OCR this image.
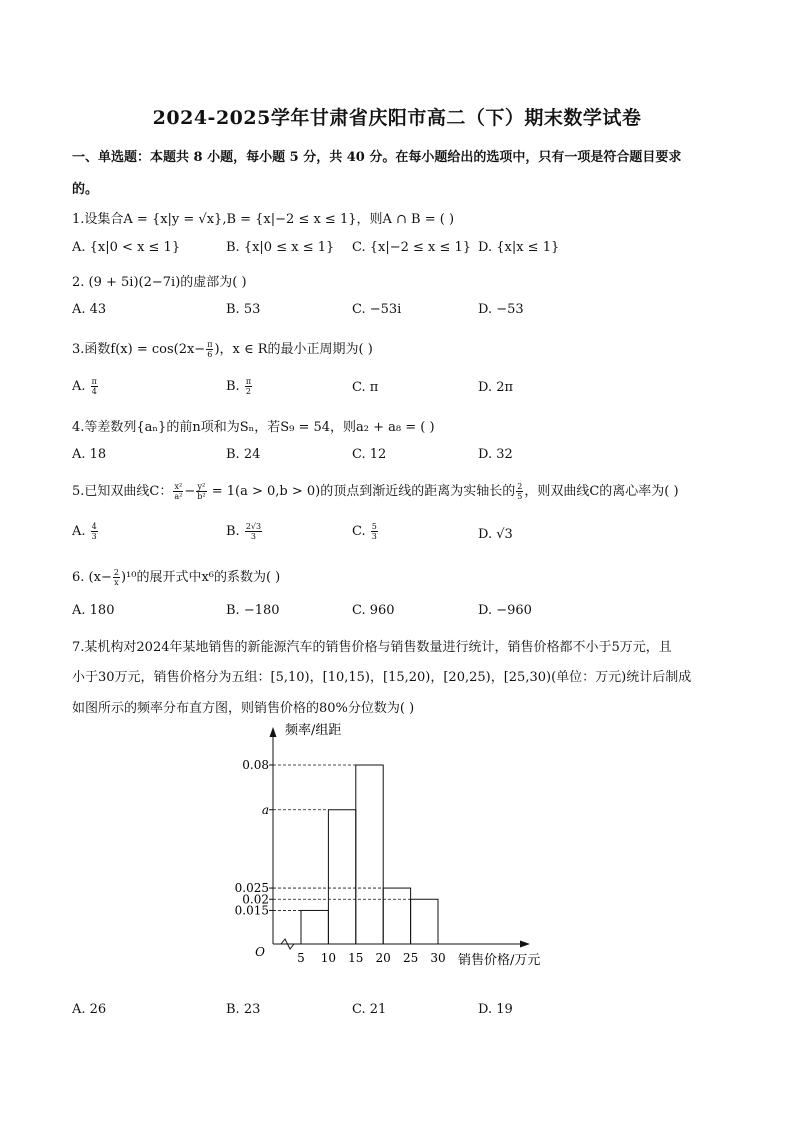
2024-2025学年甘肃省庆阳市高二（下）期末数学试卷
一、单选题：本题共 8 小题，每小题 5 分，共 40 分。在每小题给出的选项中，只有一项是符合题目要求
的。
1.设集合A = {x|y = √x},B = {x|−2 ≤ x ≤ 1}，则A ∩ B = ( )
A. {x|0 < x ≤ 1}	B. {x|0 ≤ x ≤ 1} C. {x|−2 ≤ x ≤ 1} D. {x|x ≤ 1}
2. (9 + 5i)(2−7i)的虚部为( )
A. 43	B. 53	C. −53i	D. −53
3.函数$f(x) = \cos(2x- \frac{\pi}{6}$ )，x ∈ R的最小正周期为( )
A. $\frac{\pi}{4}$	B. $\frac{\pi}{2}$	C. π	D. 2π
4.等差数列{aₙ}的前n项和为Sₙ，若S₉ = 54，则a₂ + a₈ = ( )
A. 18	B. 24	C. 12	D. 32
5.已知双曲线C： $\frac{\text{x²}}{\text{a²}} - \frac{\text{y²}}{\text{b²}} = 1(a > 0,b > 0)$的顶点到渐近线的距离为实轴长的 $\frac{2}{5}$ ，则双曲线C的离心率为( )
A. $\frac{4}{3}$	B. $\frac{2√3}{3}$	C. $\frac{5}{3}$	D. √3
6. $(x- \frac{2}{x} )^{10}$的展开式中x⁶的系数为( )
A. 180	B. −180	C. 960	D. −960
7.某机构对2024年某地销售的新能源汽车的销售价格与销售数量进行统计，销售价格都不小于5万元，且
小于30万元，销售价格分为五组：[5,10)，[10,15)，[15,20)，[20,25)，[25,30)(单位：万元)统计后制成
如图所示的频率分布直方图，则销售价格的80%分位数为( )
0.08
a
0.025
0.02
0.015
5 10 15 20 25 30
O
频率/组距
销售价格/万元
A. 26	B. 23	C. 21	D. 19
